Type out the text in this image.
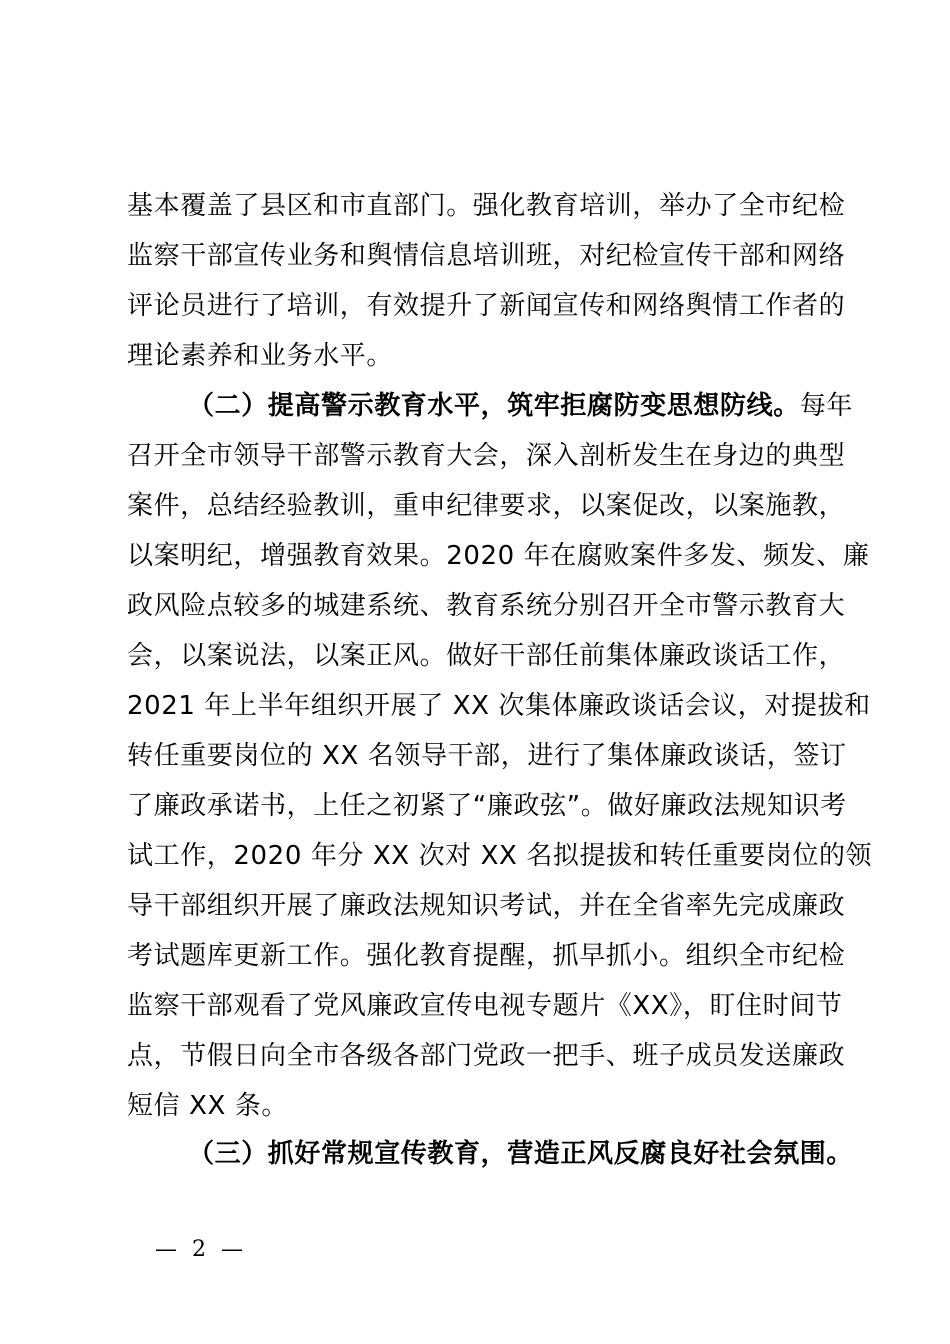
基本覆盖了县区和市直部门。强化教育培训，举办了全市纪检
监察干部宣传业务和舆情信息培训班，对纪检宣传干部和网络
评论员进行了培训，有效提升了新闻宣传和网络舆情工作者的
理论素养和业务水平。
（二）提高警示教育水平，筑牢拒腐防变思想防线。每年
召开全市领导干部警示教育大会，深入剖析发生在身边的典型
案件，总结经验教训，重申纪律要求，以案促改，以案施教，
以案明纪，增强教育效果。2020 年在腐败案件多发、频发、廉
政风险点较多的城建系统、教育系统分别召开全市警示教育大
会，以案说法，以案正风。做好干部任前集体廉政谈话工作，
2021 年上半年组织开展了 XX 次集体廉政谈话会议，对提拔和
转任重要岗位的 XX 名领导干部，进行了集体廉政谈话，签订
了廉政承诺书，上任之初紧了“廉政弦”。做好廉政法规知识考
试工作，2020 年分 XX 次对 XX 名拟提拔和转任重要岗位的领
导干部组织开展了廉政法规知识考试，并在全省率先完成廉政
考试题库更新工作。强化教育提醒，抓早抓小。组织全市纪检
监察干部观看了党风廉政宣传电视专题片《XX》，盯住时间节
点，节假日向全市各级各部门党政一把手、班子成员发送廉政
短信 XX 条。
（三）抓好常规宣传教育，营造正风反腐良好社会氛围。
— 2 —
